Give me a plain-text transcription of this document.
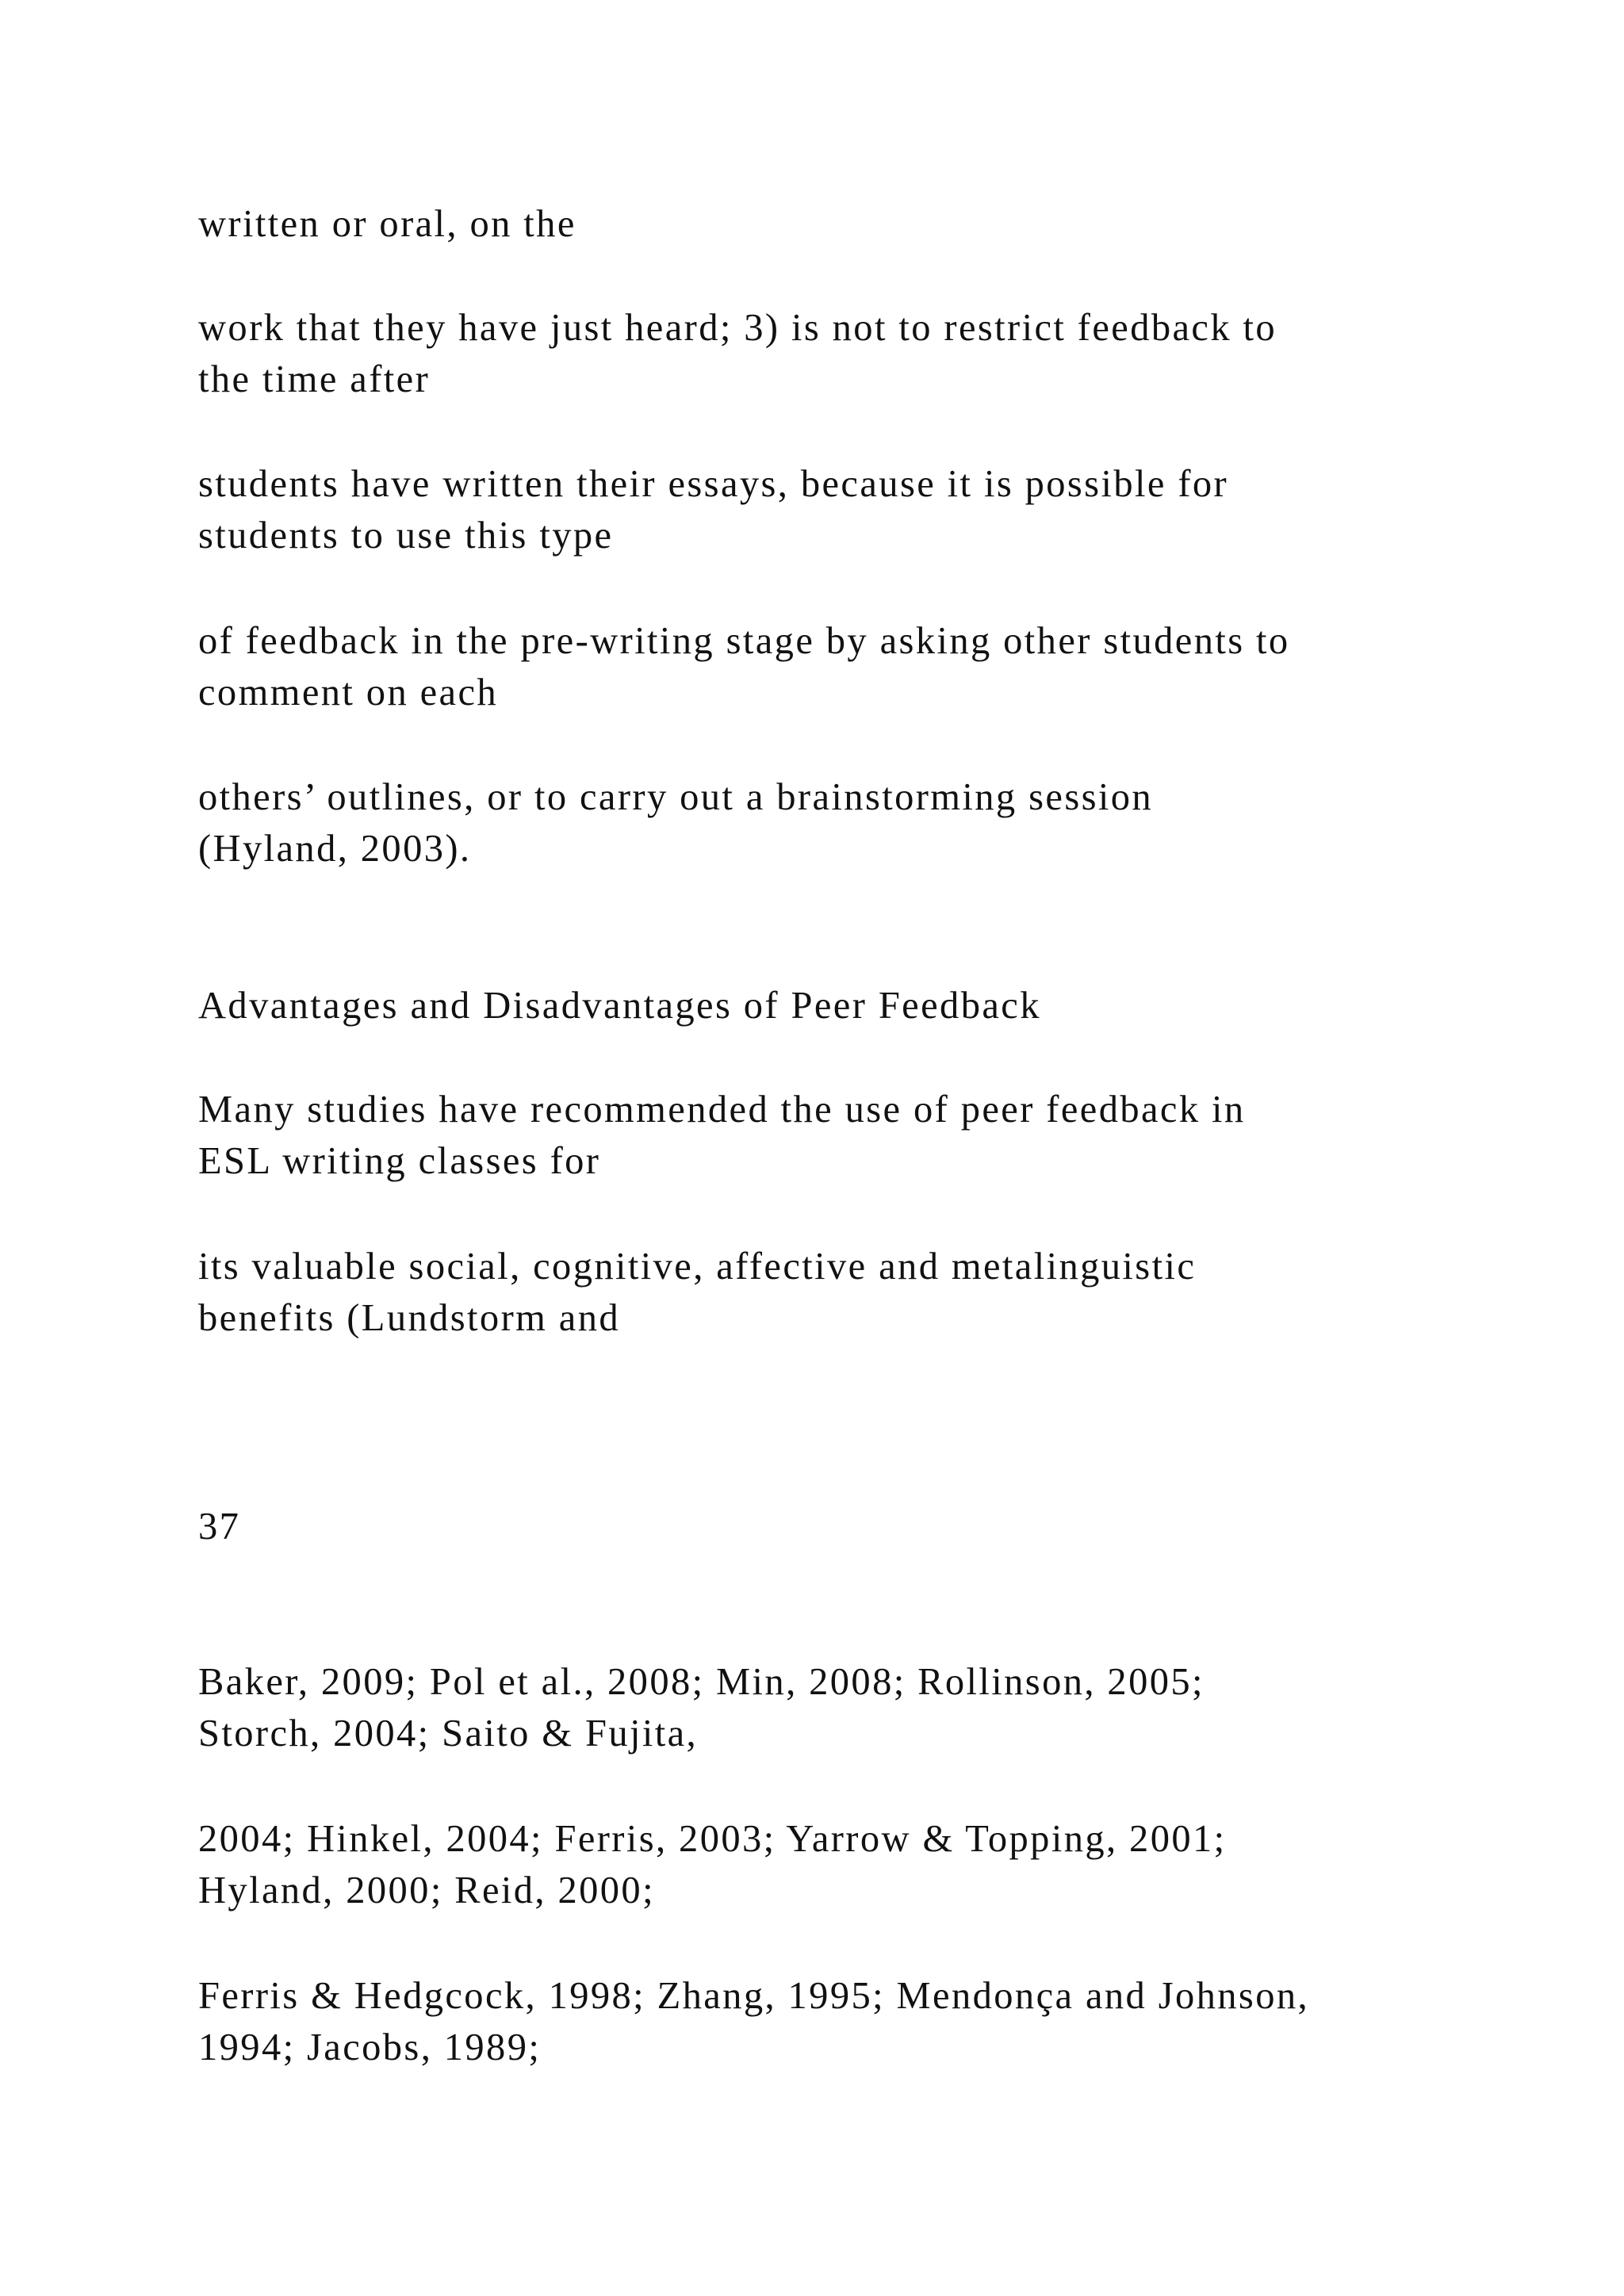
written or oral, on the
work that they have just heard; 3) is not to restrict feedback to
the time after
students have written their essays, because it is possible for
students to use this type
of feedback in the pre-writing stage by asking other students to
comment on each
others’ outlines, or to carry out a brainstorming session
(Hyland, 2003).
Advantages and Disadvantages of Peer Feedback
Many studies have recommended the use of peer feedback in
ESL writing classes for
its valuable social, cognitive, affective and metalinguistic
benefits (Lundstorm and
37
Baker, 2009; Pol et al., 2008; Min, 2008; Rollinson, 2005;
Storch, 2004; Saito & Fujita,
2004; Hinkel, 2004; Ferris, 2003; Yarrow & Topping, 2001;
Hyland, 2000; Reid, 2000;
Ferris & Hedgcock, 1998; Zhang, 1995; Mendonça and Johnson,
1994; Jacobs, 1989;
